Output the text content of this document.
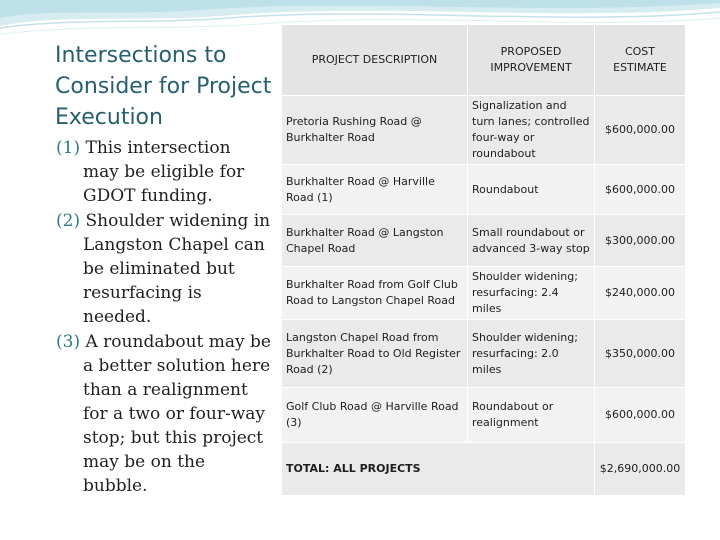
Intersections to Consider for Project Execution
(1) This intersection may be eligible for GDOT funding.
(2) Shoulder widening in Langston Chapel can be eliminated but resurfacing is needed.
(3) A roundabout may be a better solution here than a realignment for a two or four-way stop; but this project may be on the bubble.
PROJECT DESCRIPTION	PROPOSED IMPROVEMENT	COST ESTIMATE
Pretoria Rushing Road @ Burkhalter Road	Signalization and turn lanes; controlled four-way or roundabout	$600,000.00
Burkhalter Road @ Harville Road (1)	Roundabout	$600,000.00
Burkhalter Road @ Langston Chapel Road	Small roundabout or advanced 3-way stop	$300,000.00
Burkhalter Road from Golf Club Road to Langston Chapel Road	Shoulder widening; resurfacing: 2.4 miles	$240,000.00
Langston Chapel Road from Burkhalter Road to Old Register Road (2)	Shoulder widening; resurfacing: 2.0 miles	$350,000.00
Golf Club Road @ Harville Road (3)	Roundabout or realignment	$600,000.00
TOTAL: ALL PROJECTS		$2,690,000.00
